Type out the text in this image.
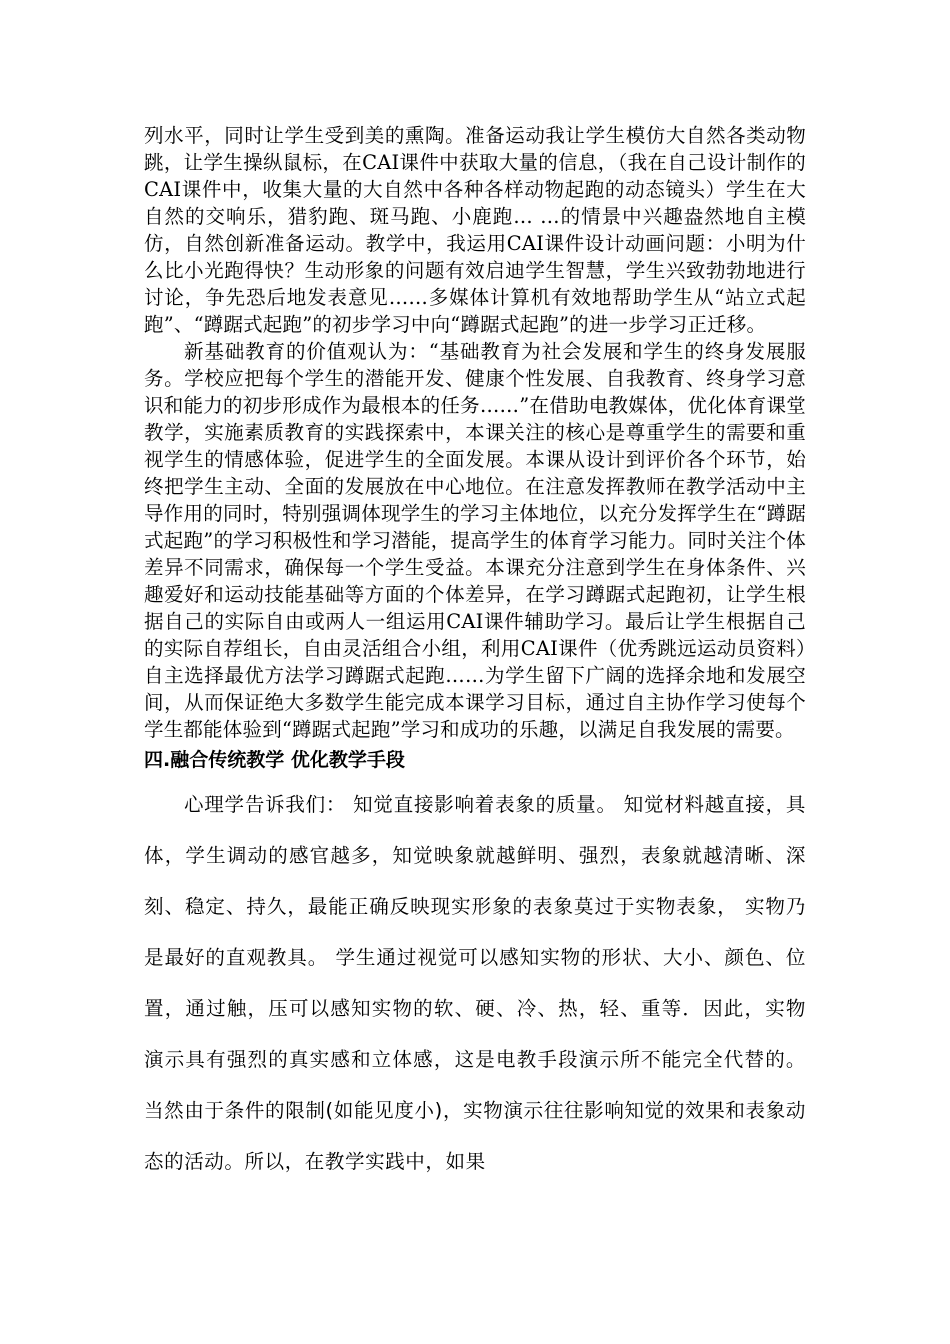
列水平，同时让学生受到美的熏陶。准备运动我让学生模仿大自然各类动物跳，让学生操纵鼠标，在CAI课件中获取大量的信息，（我在自己设计制作的CAI课件中，收集大量的大自然中各种各样动物起跑的动态镜头）学生在大自然的交响乐，猎豹跑、斑马跑、小鹿跑… …的情景中兴趣盎然地自主模仿，自然创新准备运动。教学中，我运用CAI课件设计动画问题：小明为什么比小光跑得快？生动形象的问题有效启迪学生智慧，学生兴致勃勃地进行讨论，争先恐后地发表意见……多媒体计算机有效地帮助学生从“站立式起跑”、“蹲踞式起跑”的初步学习中向“蹲踞式起跑”的进一步学习正迁移。

新基础教育的价值观认为：“基础教育为社会发展和学生的终身发展服务。学校应把每个学生的潜能开发、健康个性发展、自我教育、终身学习意识和能力的初步形成作为最根本的任务……”在借助电教媒体，优化体育课堂教学，实施素质教育的实践探索中，本课关注的核心是尊重学生的需要和重视学生的情感体验，促进学生的全面发展。本课从设计到评价各个环节，始终把学生主动、全面的发展放在中心地位。在注意发挥教师在教学活动中主导作用的同时，特别强调体现学生的学习主体地位，以充分发挥学生在“蹲踞式起跑”的学习积极性和学习潜能，提高学生的体育学习能力。同时关注个体差异不同需求，确保每一个学生受益。本课充分注意到学生在身体条件、兴趣爱好和运动技能基础等方面的个体差异，在学习蹲踞式起跑初，让学生根据自己的实际自由或两人一组运用CAI课件辅助学习。最后让学生根据自己的实际自荐组长，自由灵活组合小组，利用CAI课件（优秀跳远运动员资料）自主选择最优方法学习蹲踞式起跑……为学生留下广阔的选择余地和发展空间，从而保证绝大多数学生能完成本课学习目标，通过自主协作学习使每个学生都能体验到“蹲踞式起跑”学习和成功的乐趣，以满足自我发展的需要。

四.融合传统教学 优化教学手段

心理学告诉我们： 知觉直接影响着表象的质量。 知觉材料越直接，具体，学生调动的感官越多，知觉映象就越鲜明、强烈，表象就越清晰、深刻、稳定、持久，最能正确反映现实形象的表象莫过于实物表象， 实物乃是最好的直观教具。 学生通过视觉可以感知实物的形状、大小、颜色、位置，通过触，压可以感知实物的软、硬、冷、热，轻、重等．因此，实物演示具有强烈的真实感和立体感，这是电教手段演示所不能完全代替的。当然由于条件的限制(如能见度小)，实物演示往往影响知觉的效果和表象动态的活动。所以，在教学实践中，如果
